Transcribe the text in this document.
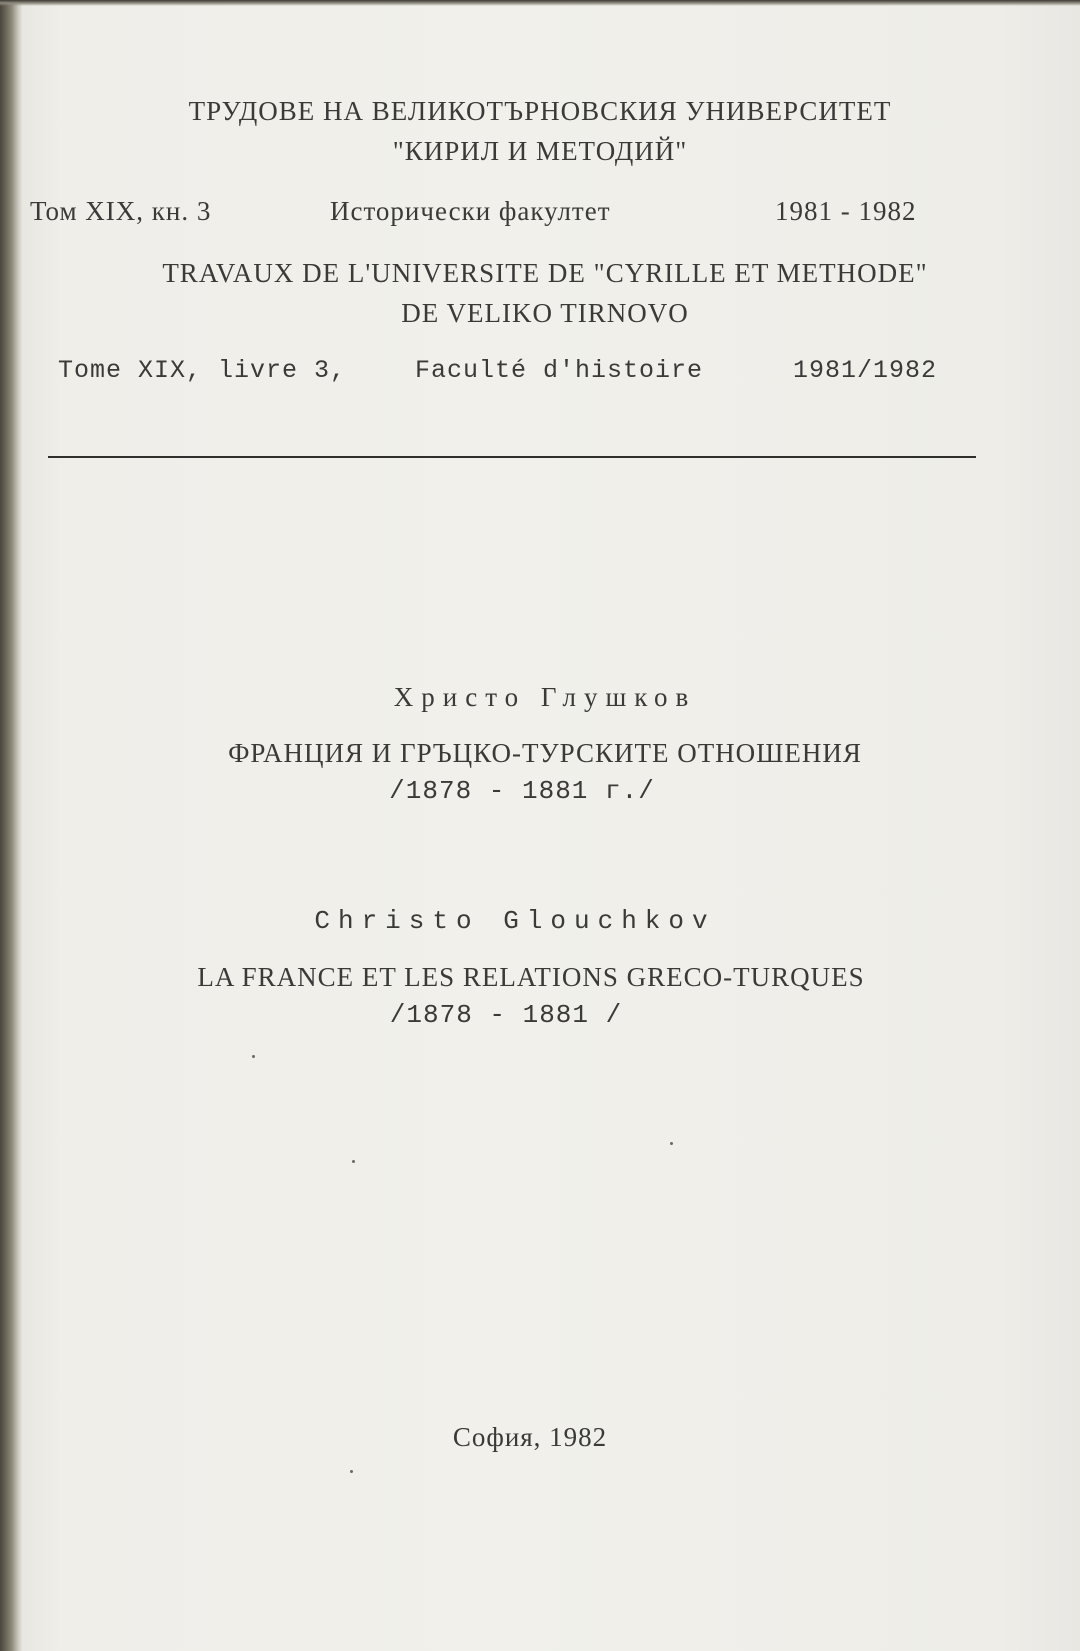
ТРУДОВЕ НА ВЕЛИКОТЪРНОВСКИЯ УНИВЕРСИТЕТ
"КИРИЛ И МЕТОДИЙ"
Том XIX, кн. 3	Исторически факултет	1981 - 1982
TRAVAUX DE L'UNIVERSITE DE "CYRILLE ET METHODE"
DE VELIKO TIRNOVO
Tome XIX, livre 3,	Faculté d'histoire	1981/1982
Христо Глушков
ФРАНЦИЯ И ГРЪЦКО-ТУРСКИТЕ ОТНОШЕНИЯ
/1878 - 1881 г./
Christo Glouchkov
LA FRANCE ET LES RELATIONS GRECO-TURQUES
/1878 - 1881 /
София, 1982
